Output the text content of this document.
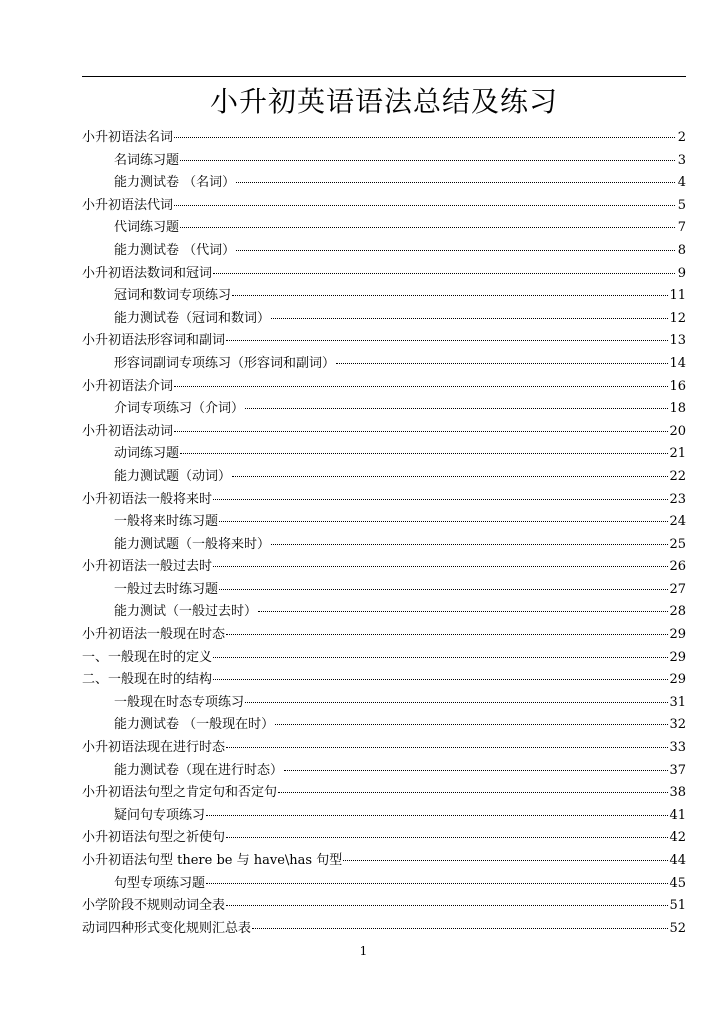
小升初英语语法总结及练习
小升初语法名词	2
名词练习题	3
能力测试卷 （名词）	4
小升初语法代词	5
代词练习题	7
能力测试卷 （代词）	8
小升初语法数词和冠词	9
冠词和数词专项练习	11
能力测试卷（冠词和数词）	12
小升初语法形容词和副词	13
形容词副词专项练习（形容词和副词）	14
小升初语法介词	16
介词专项练习（介词）	18
小升初语法动词	20
动词练习题	21
能力测试题（动词）	22
小升初语法一般将来时	23
一般将来时练习题	24
能力测试题（一般将来时）	25
小升初语法一般过去时	26
一般过去时练习题	27
能力测试（一般过去时）	28
小升初语法一般现在时态	29
一、一般现在时的定义	29
二、一般现在时的结构	29
一般现在时态专项练习	31
能力测试卷 （一般现在时）	32
小升初语法现在进行时态	33
能力测试卷（现在进行时态）	37
小升初语法句型之肯定句和否定句	38
疑问句专项练习	41
小升初语法句型之祈使句	42
小升初语法句型 there be 与 have\has 句型	44
句型专项练习题	45
小学阶段不规则动词全表	51
动词四种形式变化规则汇总表	52
1
